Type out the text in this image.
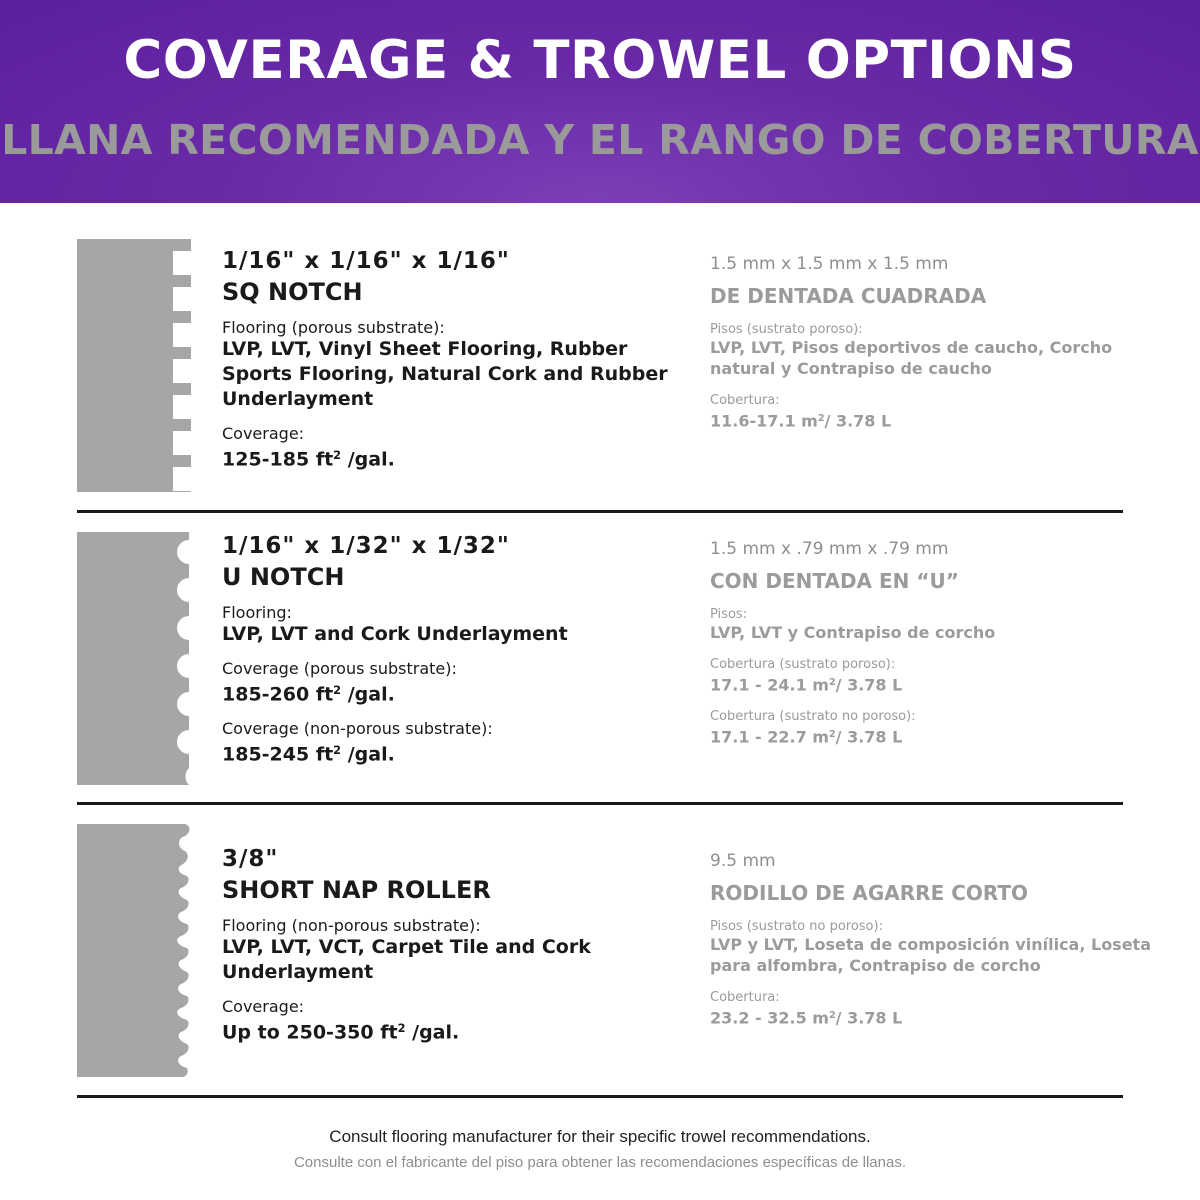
COVERAGE & TROWEL OPTIONS
LLANA RECOMENDADA Y EL RANGO DE COBERTURA
1/16" x 1/16" x 1/16"
SQ NOTCH
Flooring (porous substrate):
LVP, LVT, Vinyl Sheet Flooring, Rubber Sports Flooring, Natural Cork and Rubber Underlayment
Coverage:
125-185 $ft^2$ /gal.
1.5 mm x 1.5 mm x 1.5 mm
DE DENTADA CUADRADA
Pisos (sustrato poroso):
LVP, LVT, Pisos deportivos de caucho, Corcho natural y Contrapiso de caucho
Cobertura:
11.6-17.1 $m^2/$ 3.78 L
1/16" x 1/32" x 1/32"
U NOTCH
Flooring:
LVP, LVT and Cork Underlayment
Coverage (porous substrate):
185-260 $ft^2$ /gal.
Coverage (non-porous substrate):
185-245 $ft^2$ /gal.
1.5 mm x .79 mm x .79 mm
CON DENTADA EN “U”
Pisos:
LVP, LVT y Contrapiso de corcho
Cobertura (sustrato poroso):
17.1 - 24.1 $m^2/$ 3.78 L
Cobertura (sustrato no poroso):
17.1 - 22.7 $m^2/$ 3.78 L
3/8"
SHORT NAP ROLLER
Flooring (non-porous substrate):
LVP, LVT, VCT, Carpet Tile and Cork Underlayment
Coverage:
Up to 250-350 $ft^2$ /gal.
9.5 mm
RODILLO DE AGARRE CORTO
Pisos (sustrato no poroso):
LVP y LVT, Loseta de composición vinílica, Loseta para alfombra, Contrapiso de corcho
Cobertura:
23.2 - 32.5 $m^2/$ 3.78 L
Consult flooring manufacturer for their specific trowel recommendations.
Consulte con el fabricante del piso para obtener las recomendaciones específicas de llanas.
